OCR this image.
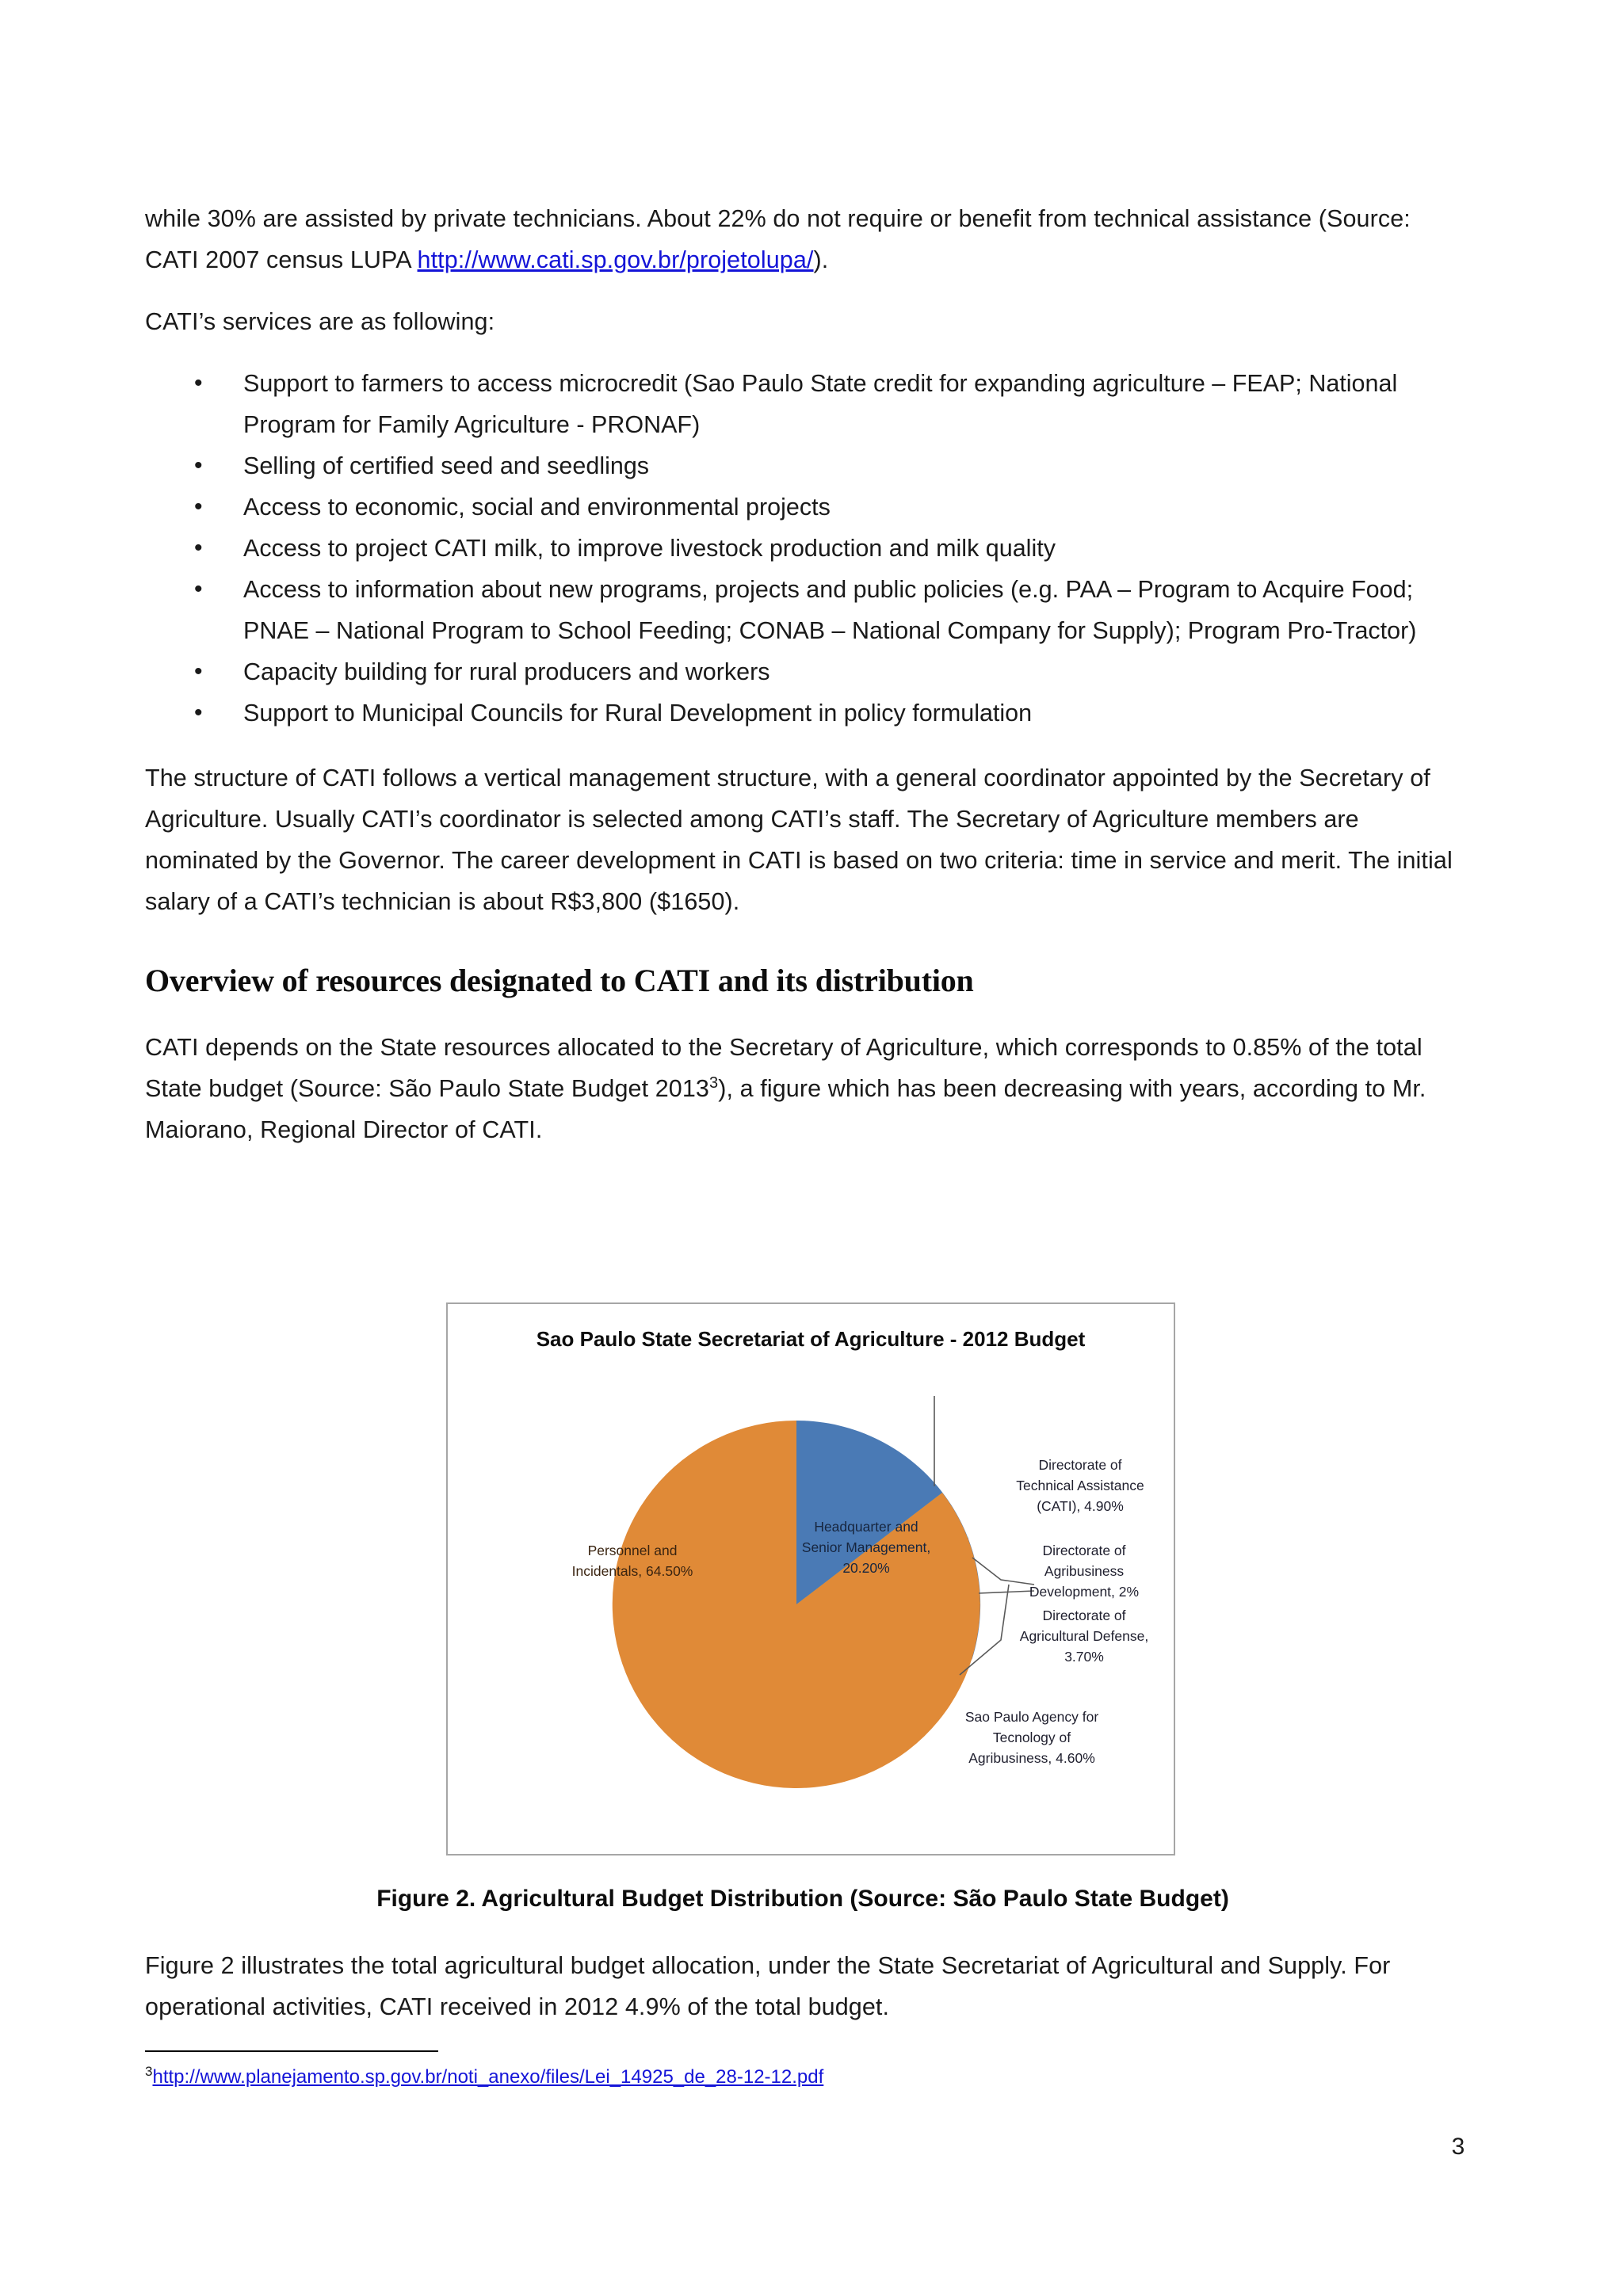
while 30% are assisted by private technicians. About 22% do not require or benefit from technical assistance (Source: CATI 2007 census LUPA http://www.cati.sp.gov.br/projetolupa/).

CATI’s services are as following:

• Support to farmers to access microcredit (Sao Paulo State credit for expanding agriculture – FEAP; National Program for Family Agriculture - PRONAF)
• Selling of certified seed and seedlings
• Access to economic, social and environmental projects
• Access to project CATI milk, to improve livestock production and milk quality
• Access to information about new programs, projects and public policies (e.g. PAA – Program to Acquire Food; PNAE – National Program to School Feeding; CONAB – National Company for Supply); Program Pro-Tractor)
• Capacity building for rural producers and workers
• Support to Municipal Councils for Rural Development in policy formulation

The structure of CATI follows a vertical management structure, with a general coordinator appointed by the Secretary of Agriculture. Usually CATI’s coordinator is selected among CATI’s staff. The Secretary of Agriculture members are nominated by the Governor. The career development in CATI is based on two criteria: time in service and merit. The initial salary of a CATI’s technician is about R$3,800 ($1650).

Overview of resources designated to CATI and its distribution

CATI depends on the State resources allocated to the Secretary of Agriculture, which corresponds to 0.85% of the total State budget (Source: São Paulo State Budget 2013$^3$), a figure which has been decreasing with years, according to Mr. Maiorano, Regional Director of CATI.

Sao Paulo State Secretariat of Agriculture - 2012 Budget
Headquarter and
Senior Management,
20.20%
Personnel and
Incidentals, 64.50%
Directorate of
Technical Assistance
(CATI), 4.90%
Directorate of
Agribusiness
Development, 2%
Directorate of
Agricultural Defense,
3.70%
Sao Paulo Agency for
Tecnology of
Agribusiness, 4.60%
Figure 2. Agricultural Budget Distribution (Source: São Paulo State Budget)

Figure 2 illustrates the total agricultural budget allocation, under the State Secretariat of Agricultural and Supply. For operational activities, CATI received in 2012 4.9% of the total budget.

$^3$http://www.planejamento.sp.gov.br/noti_anexo/files/Lei_14925_de_28-12-12.pdf
3
